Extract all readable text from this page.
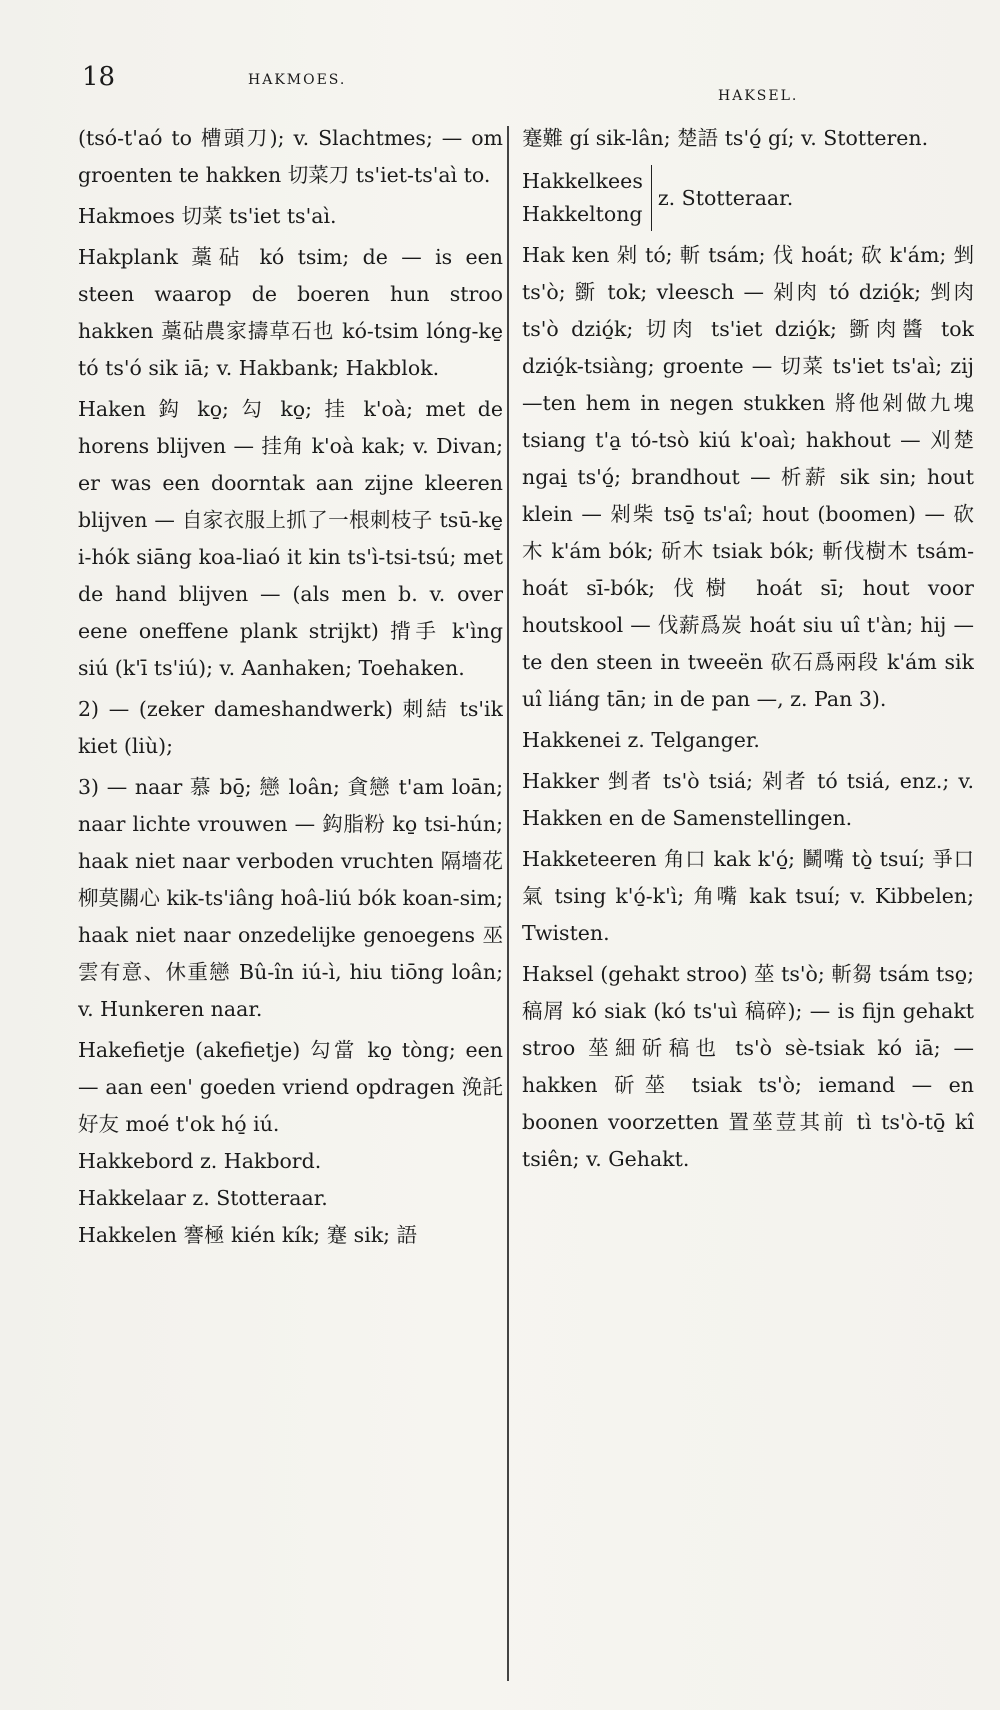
18	HAKMOES.
HAKSEL.

(tsó-t'aó to 槽頭刀); v. Slachtmes; — om groenten te hakken 切菜刀 ts'iet-ts'aì to.

Hakmoes 切菜 ts'iet ts'aì.

Hakplank 藁砧 kó tsim; de — is een steen waarop de boeren hun stroo hakken 藁砧農家擣草石也 kó-tsim lóng-ke̱ tó ts'ó sik iā; v. Hakbank; Hakblok.

Haken 鈎 ko̱; 勾 ko̱; 挂 k'oà; met de horens blijven — 挂角 k'oà kak; v. Divan; er was een doorntak aan zijne kleeren blijven — 自家衣服上抓了一根刺枝子 tsū-ke̱ i-hók siāng koa-liaó it kin ts'ì-tsi-tsú; met de hand blijven — (als men b. v. over eene oneffene plank strijkt) 揹手 k'ìng siú (k'ī ts'iú); v. Aanhaken; Toehaken.

2) — (zeker dameshandwerk) 刺結 ts'ik kiet (liù);

3) — naar 慕 bō̱; 戀 loân; 貪戀 t'am loān; naar lichte vrouwen — 鈎脂粉 ko̱ tsi-hún; haak niet naar verboden vruchten 隔墻花柳莫關心 kik-ts'iâng hoâ-liú bók koan-sim; haak niet naar onzedelijke genoegens 巫雲有意、休重戀 Bû-în iú-ì, hiu tiōng loân; v. Hunkeren naar.

Hakefietje (akefietje) 勾當 ko̱ tòng; een — aan een' goeden vriend opdragen 浼託好友 moé t'ok hó̱ iú.

Hakkebord z. Hakbord.

Hakkelaar z. Stotteraar.

Hakkelen 謇極 kién kík; 蹇 sik; 語

蹇難 gí sik-lân; 楚語 ts'ó̱ gí; v. Stotteren.

Hakkelkees
Hakkeltong
z. Stotteraar.

Hak ken 剁 tó; 斬 tsám; 伐 hoát; 砍 k'ám; 剉 ts'ò; 斵 tok; vleesch — 剁肉 tó dzió̱k; 剉肉 ts'ò dzió̱k; 切肉 ts'iet dzió̱k; 斵肉醬 tok dzió̱k-tsiàng; groente — 切菜 ts'iet ts'aì; zij —ten hem in negen stukken 將他剁做九塊 tsiang t'a̱ tó-tsò kiú k'oaì; hakhout — 刈楚 ngai̱ ts'ó̱; brandhout — 析薪 sik sin; hout klein — 剁柴 tsō̱ ts'aî; hout (boomen) — 砍木 k'ám bók; 斫木 tsiak bók; 斬伐樹木 tsám-hoát sī-bók; 伐樹 hoát sī; hout voor houtskool — 伐薪爲炭 hoát siu uî t'àn; hij —te den steen in tweeën 砍石爲兩段 k'ám sik uî liáng tān; in de pan —, z. Pan 3).

Hakkenei z. Telganger.

Hakker 剉者 ts'ò tsiá; 剁者 tó tsiá, enz.; v. Hakken en de Samenstellingen.

Hakketeeren 角口 kak k'ó̱; 鬭嘴 tò̱ tsuí; 爭口氣 tsing k'ó̱-k'ì; 角嘴 kak tsuí; v. Kibbelen; Twisten.

Haksel (gehakt stroo) 莝 ts'ò; 斬芻 tsám tso̱; 稿屑 kó siak (kó ts'uì 稿碎); — is fijn gehakt stroo 莝細斫稿也 ts'ò sè-tsiak kó iā; — hakken 斫莝 tsiak ts'ò; iemand — en boonen voorzetten 置莝荳其前 tì ts'ò-tō̱ kî tsiên; v. Gehakt.
